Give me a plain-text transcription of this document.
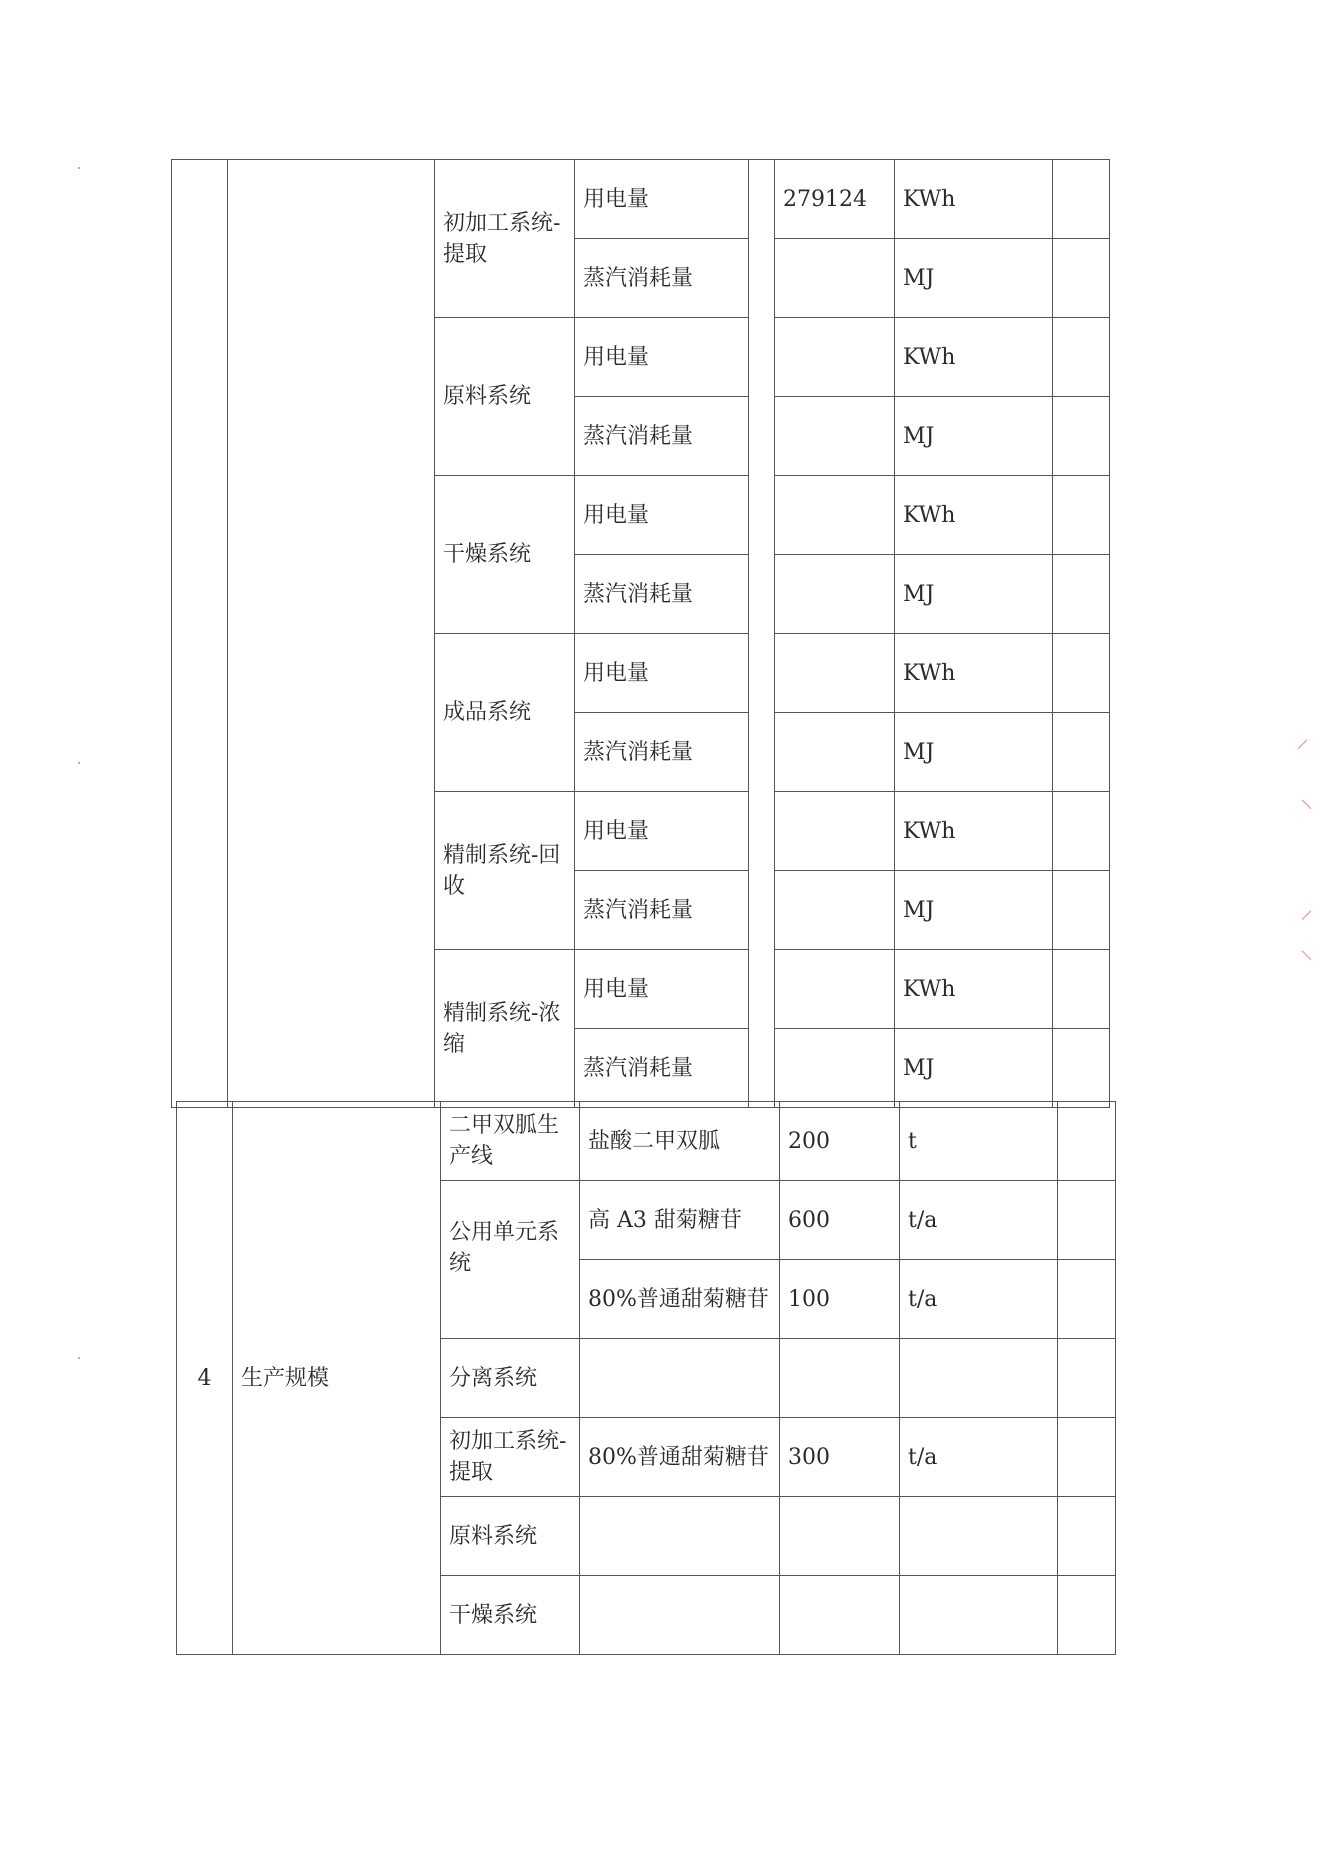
		初加工系统-提取	用电量		279124	KWh	
			蒸汽消耗量			MJ	
		原料系统	用电量			KWh	
			蒸汽消耗量			MJ	
		干燥系统	用电量			KWh	
			蒸汽消耗量			MJ	
		成品系统	用电量			KWh	
			蒸汽消耗量			MJ	
		精制系统-回收	用电量			KWh	
			蒸汽消耗量			MJ	
		精制系统-浓缩	用电量			KWh	
			蒸汽消耗量			MJ	
4	生产规模	二甲双胍生产线	盐酸二甲双胍	200	t	
		公用单元系统	高 A3 甜菊糖苷	600	t/a	
			80%普通甜菊糖苷	100	t/a	
		分离系统				
		初加工系统-提取	80%普通甜菊糖苷	300	t/a	
		原料系统				
		干燥系统				
⸍
⸌
⸝
⸜
